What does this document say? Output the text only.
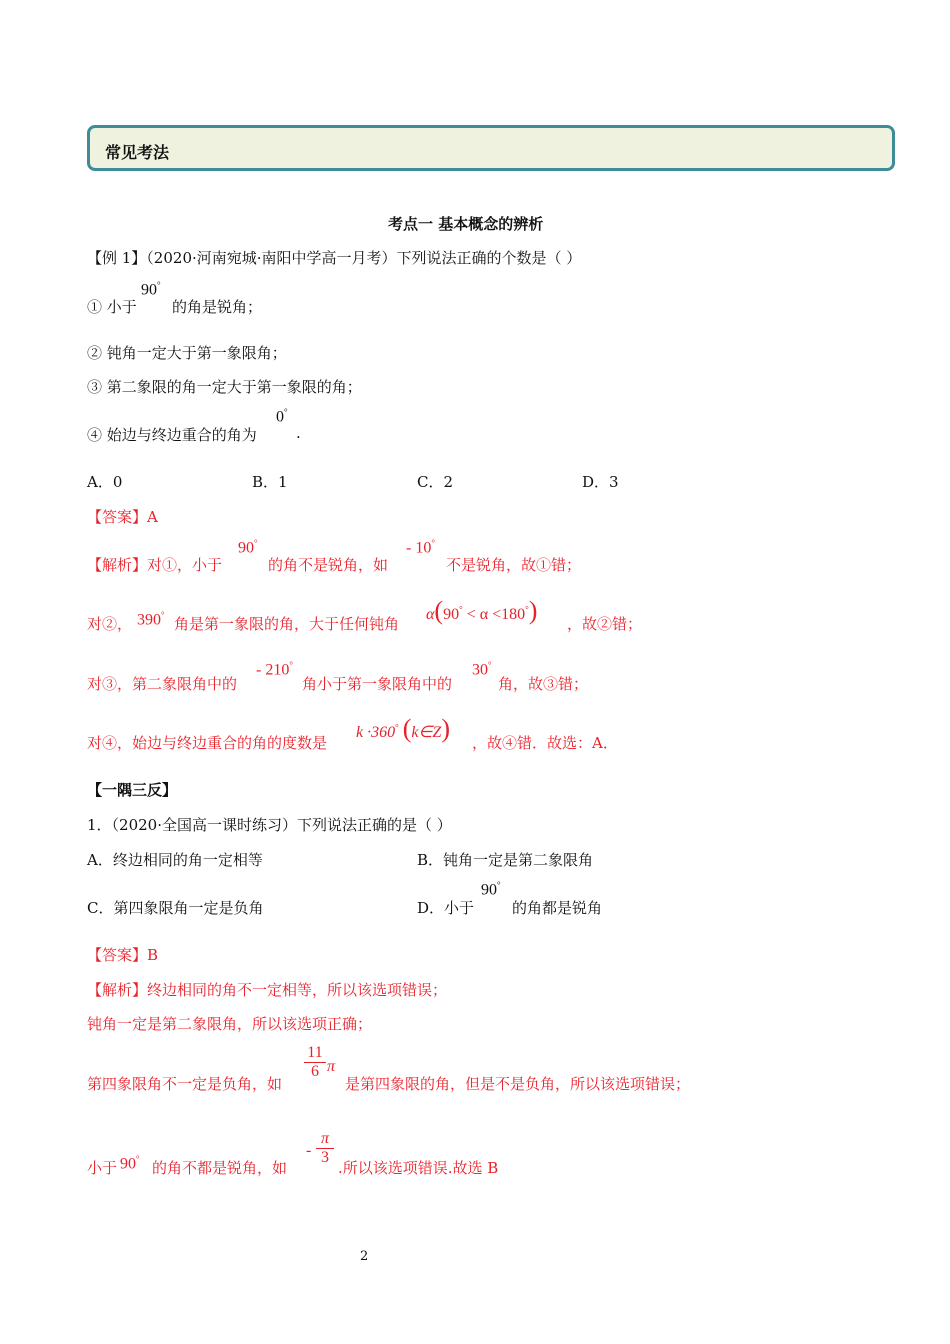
常见考法
考点一 基本概念的辨析
【例 1】（2020·河南宛城·南阳中学高一月考）下列说法正确的个数是（ ）
① 小于
90°
的角是锐角；
② 钝角一定大于第一象限角；
③ 第二象限的角一定大于第一象限的角；
④ 始边与终边重合的角为
0°
.
A．0	B．1	C．2	D．3
【答案】A
【解析】对①，小于
90°
的角不是锐角，如
- 10°
不是锐角，故①错；
对②， 390° 角是第一象限的角，大于任何钝角
α(90° < α <180°) ，故②错；
对③，第二象限角中的
- 210°
角小于第一象限角中的
30°
角，故③错；
对④，始边与终边重合的角的度数是
k ·360° (k∈Z) ，故④错．故选：A．
【一隅三反】
1．（2020·全国高一课时练习）下列说法正确的是（ ）
A．终边相同的角一定相等	B．钝角一定是第二象限角
C．第四象限角一定是负角	D．小于
90°
的角都是锐角
【答案】B
【解析】终边相同的角不一定相等，所以该选项错误；
钝角一定是第二象限角，所以该选项正确；
第四象限角不一定是负角，如
$\frac{11}{6}$ π
是第四象限的角，但是不是负角，所以该选项错误；
小于 90° 的角不都是锐角，如
- $\frac{\pi}{3}$
.所以该选项错误.故选 B
2
